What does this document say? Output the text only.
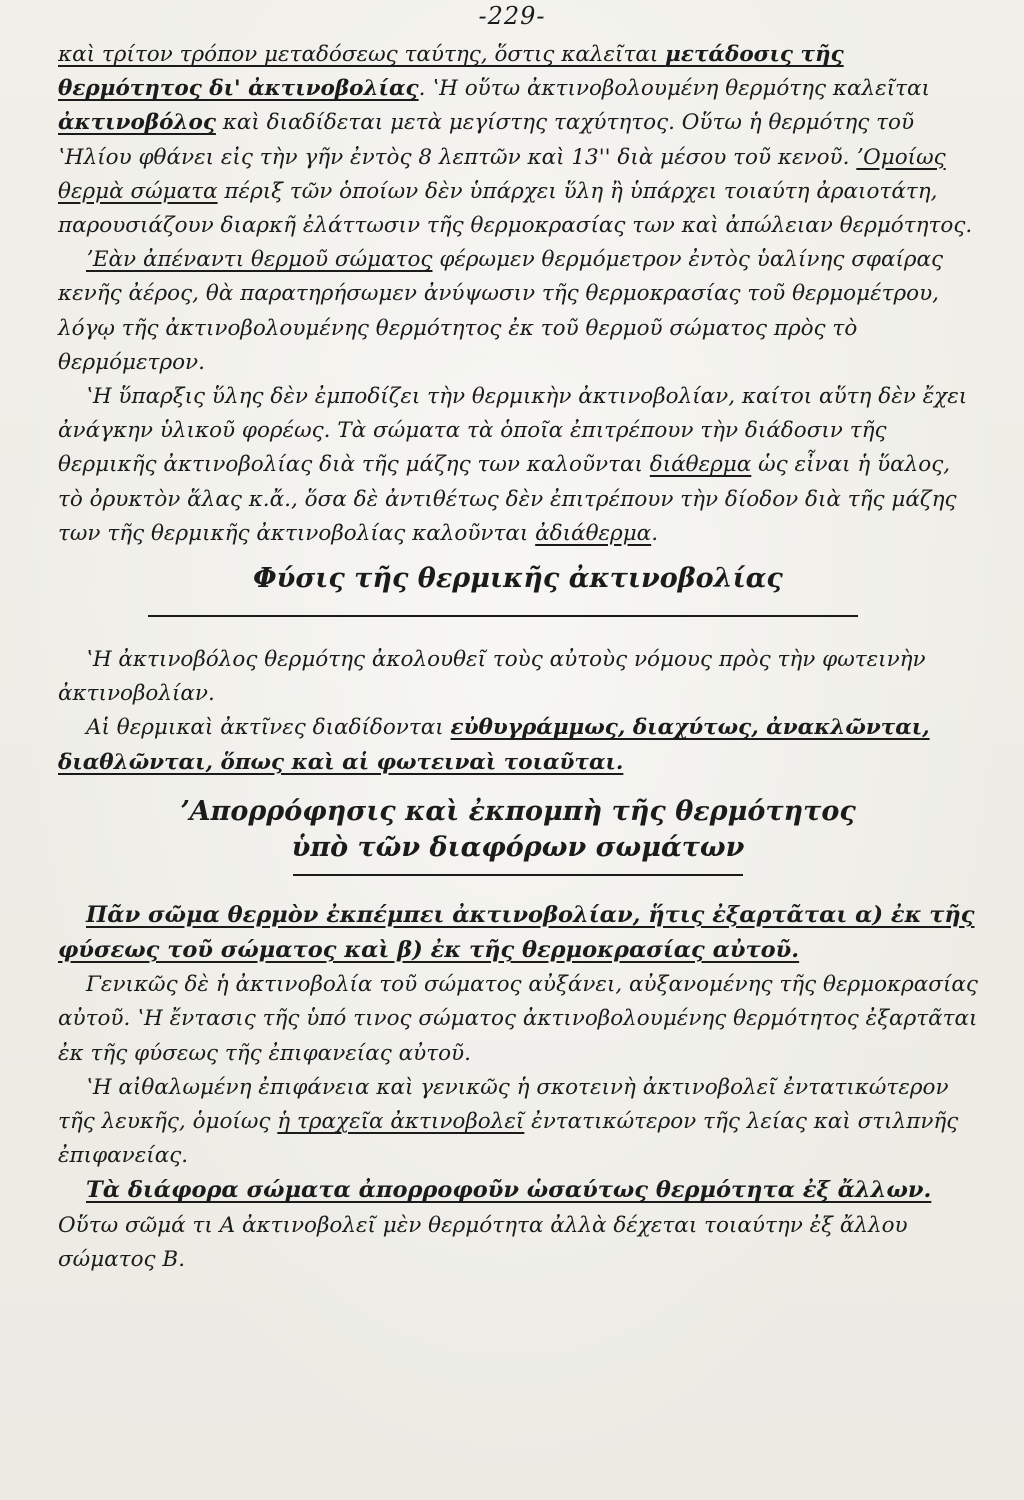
-229-

καὶ τρίτον τρόπον μεταδόσεως ταύτης, ὅστις καλεῖται μετάδοσις τῆς θερμότητος δι' ἀκτινοβολίας. ʽΗ οὕτω ἀκτινοβολουμένη θερμότης καλεῖται ἀκτινοβόλος καὶ διαδίδεται μετὰ μεγίστης ταχύτητος. Οὕτω ἡ θερμότης τοῦ ʽΗλίου φθάνει εἰς τὴν γῆν ἐντὸς 8 λεπτῶν καὶ 13'' διὰ μέσου τοῦ κενοῦ. ʼΟμοίως θερμὰ σώματα πέριξ τῶν ὁποίων δὲν ὑπάρχει ὕλη ἢ ὑπάρχει τοιαύτη ἀραιοτάτη, παρουσιάζουν διαρκῆ ἐλάττωσιν τῆς θερμοκρασίας των καὶ ἀπώλειαν θερμότητος.

ʼΕὰν ἀπέναντι θερμοῦ σώματος φέρωμεν θερμόμετρον ἐντὸς ὑαλίνης σφαίρας κενῆς ἀέρος, θὰ παρατηρήσωμεν ἀνύψωσιν τῆς θερμοκρασίας τοῦ θερμομέτρου, λόγῳ τῆς ἀκτινοβολουμένης θερμότητος ἐκ τοῦ θερμοῦ σώματος πρὸς τὸ θερμόμετρον.

ʽΗ ὕπαρξις ὕλης δὲν ἐμποδίζει τὴν θερμικὴν ἀκτινοβολίαν, καίτοι αὕτη δὲν ἔχει ἀνάγκην ὑλικοῦ φορέως. Τὰ σώματα τὰ ὁποῖα ἐπιτρέπουν τὴν διάδοσιν τῆς θερμικῆς ἀκτινοβολίας διὰ τῆς μάζης των καλοῦνται διάθερμα ὡς εἶναι ἡ ὕαλος, τὸ ὀρυκτὸν ἅλας κ.ἄ., ὅσα δὲ ἀντιθέτως δὲν ἐπιτρέπουν τὴν δίοδον διὰ τῆς μάζης των τῆς θερμικῆς ἀκτινοβολίας καλοῦνται ἀδιάθερμα.

Φύσις τῆς θερμικῆς ἀκτινοβολίας

ʽΗ ἀκτινοβόλος θερμότης ἀκολουθεῖ τοὺς αὐτοὺς νόμους πρὸς τὴν φωτεινὴν ἀκτινοβολίαν.

Αἱ θερμικαὶ ἀκτῖνες διαδίδονται εὐθυγράμμως, διαχύτως, ἀνακλῶνται, διαθλῶνται, ὅπως καὶ αἱ φωτειναὶ τοιαῦται.

ʼΑπορρόφησις καὶ ἐκπομπὴ τῆς θερμότητος
ὑπὸ τῶν διαφόρων σωμάτων

Πᾶν σῶμα θερμὸν ἐκπέμπει ἀκτινοβολίαν, ἥτις ἐξαρτᾶται α) ἐκ τῆς φύσεως τοῦ σώματος καὶ β) ἐκ τῆς θερμοκρασίας αὐτοῦ.

Γενικῶς δὲ ἡ ἀκτινοβολία τοῦ σώματος αὐξάνει, αὐξανομένης τῆς θερμοκρασίας αὐτοῦ. ʽΗ ἔντασις τῆς ὑπό τινος σώματος ἀκτινοβολουμένης θερμότητος ἐξαρτᾶται ἐκ τῆς φύσεως τῆς ἐπιφανείας αὐτοῦ.

ʽΗ αἰθαλωμένη ἐπιφάνεια καὶ γενικῶς ἡ σκοτεινὴ ἀκτινοβολεῖ ἐντατικώτερον τῆς λευκῆς, ὁμοίως ἡ τραχεῖα ἀκτινοβολεῖ ἐντατικώτερον τῆς λείας καὶ στιλπνῆς ἐπιφανείας.

Τὰ διάφορα σώματα ἀπορροφοῦν ὡσαύτως θερμότητα ἐξ ἄλλων. Οὕτω σῶμά τι Α ἀκτινοβολεῖ μὲν θερμότητα ἀλλὰ δέχεται τοιαύτην ἐξ ἄλλου σώματος Β.
